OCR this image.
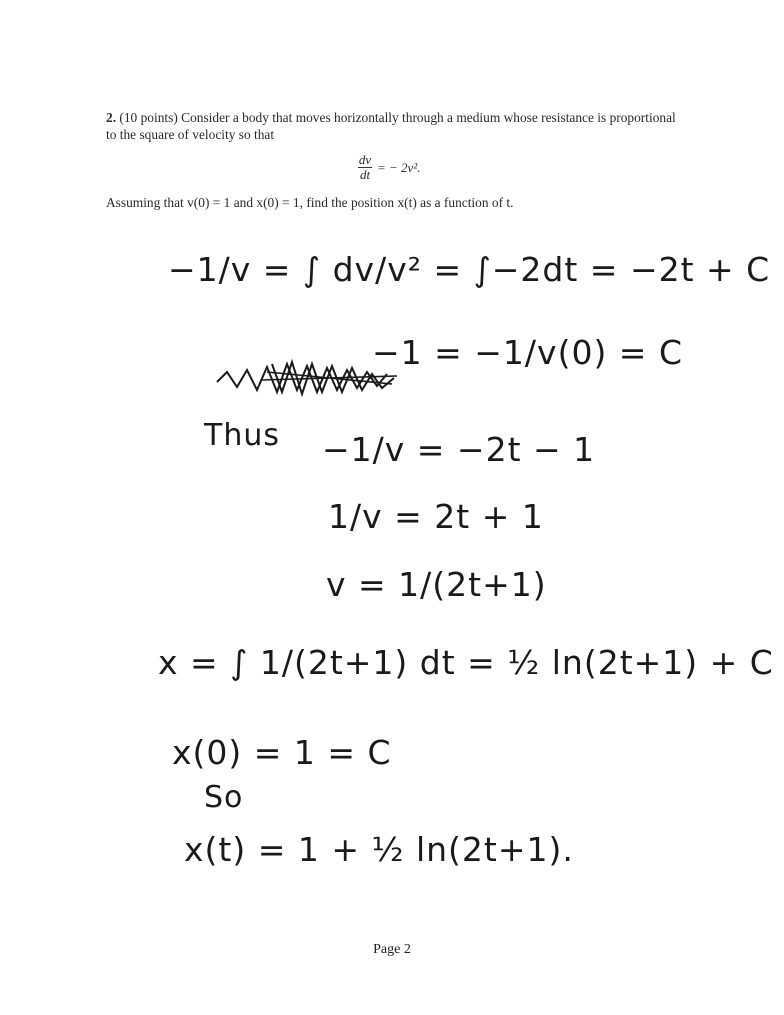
2. (10 points) Consider a body that moves horizontally through a medium whose resistance is proportional to the square of velocity so that
$\frac{dv}{dt}$ = − 2v².
Assuming that v(0) = 1 and x(0) = 1, find the position x(t) as a function of t.
−1/v = ∫ dv/v² = ∫−2dt = −2t + C
−1 = −1/v(0) = C
Thus −1/v = −2t − 1
1/v = 2t + 1
v = 1/(2t+1)
x = ∫ 1/(2t+1) dt = ½ ln(2t+1) + C
x(0) = 1 = C
So
x(t) = 1 + ½ ln(2t+1).
Page 2
